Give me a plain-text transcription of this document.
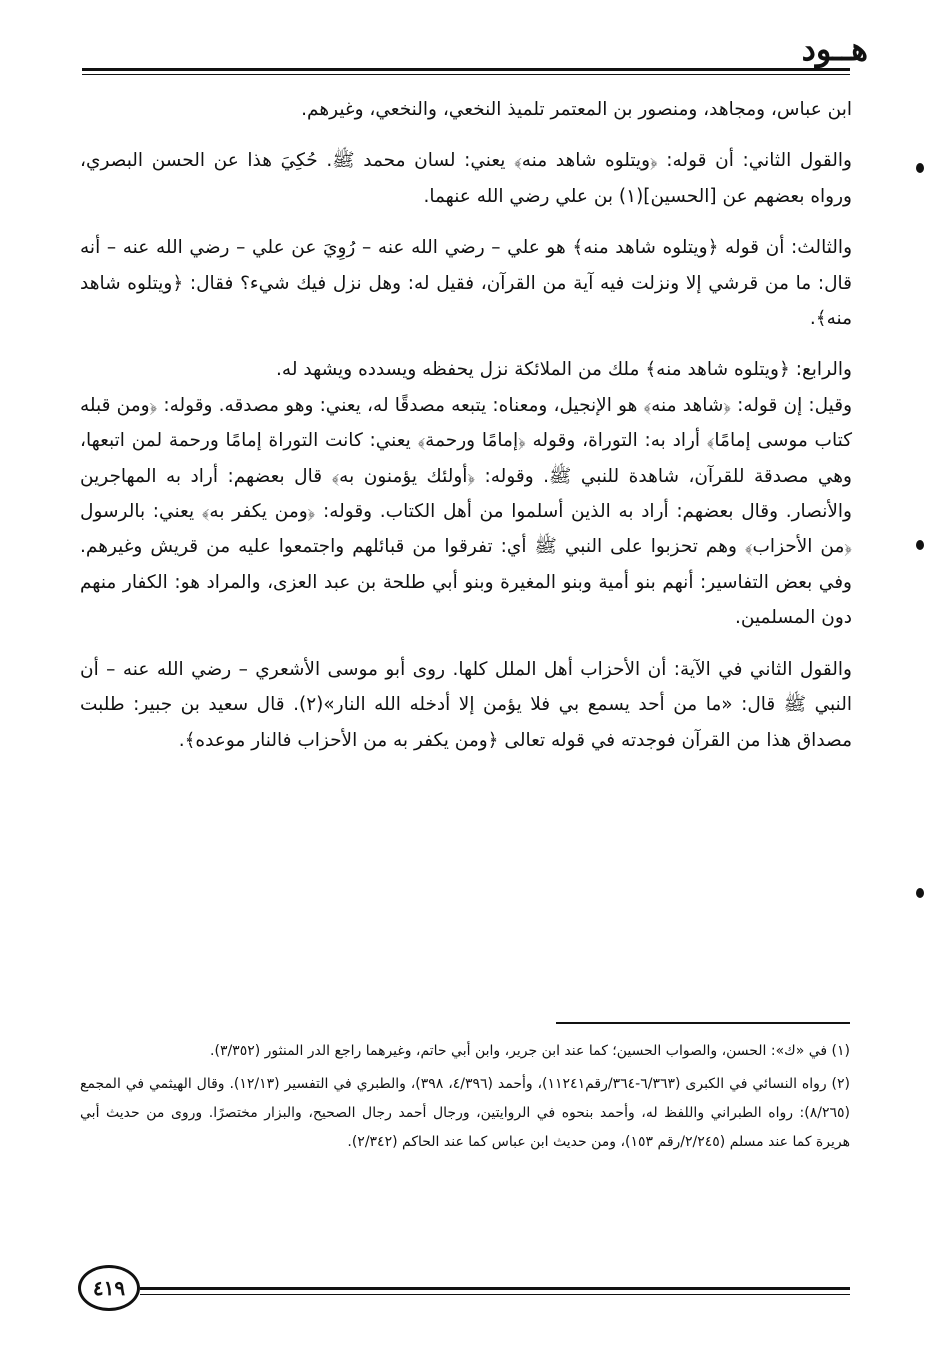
هــود

ابن عباس، ومجاهد، ومنصور بن المعتمر تلميذ النخعي، والنخعي، وغيرهم.

والقول الثاني: أن قوله: ﴿ويتلوه شاهد منه﴾ يعني: لسان محمد ﷺ. حُكِيَ هذا عن الحسن البصري، ورواه بعضهم عن [الحسين](١) بن علي رضي الله عنهما.

والثالث: أن قوله ﴿ويتلوه شاهد منه﴾ هو علي – رضي الله عنه – رُوِيَ عن علي – رضي الله عنه – أنه قال: ما من قرشي إلا ونزلت فيه آية من القرآن، فقيل له: وهل نزل فيك شيء؟ فقال: ﴿ويتلوه شاهد منه﴾.

والرابع: ﴿ويتلوه شاهد منه﴾ ملك من الملائكة نزل يحفظه ويسدده ويشهد له.

وقيل: إن قوله: ﴿شاهد منه﴾ هو الإنجيل، ومعناه: يتبعه مصدقًا له، يعني: وهو مصدقه. وقوله: ﴿ومن قبله كتاب موسى إمامًا﴾ أراد به: التوراة، وقوله ﴿إمامًا ورحمة﴾ يعني: كانت التوراة إمامًا ورحمة لمن اتبعها، وهي مصدقة للقرآن، شاهدة للنبي ﷺ. وقوله: ﴿أولئك يؤمنون به﴾ قال بعضهم: أراد به المهاجرين والأنصار. وقال بعضهم: أراد به الذين أسلموا من أهل الكتاب. وقوله: ﴿ومن يكفر به﴾ يعني: بالرسول ﴿من الأحزاب﴾ وهم تحزبوا على النبي ﷺ أي: تفرقوا من قبائلهم واجتمعوا عليه من قريش وغيرهم. وفي بعض التفاسير: أنهم بنو أمية وبنو المغيرة وبنو أبي طلحة بن عبد العزى، والمراد هو: الكفار منهم دون المسلمين.

والقول الثاني في الآية: أن الأحزاب أهل الملل كلها. روى أبو موسى الأشعري – رضي الله عنه – أن النبي ﷺ قال: «ما من أحد يسمع بي فلا يؤمن إلا أدخله الله النار»(٢). قال سعيد بن جبير: طلبت مصداق هذا من القرآن فوجدته في قوله تعالى ﴿ومن يكفر به من الأحزاب فالنار موعده﴾.

(١) في «ك»: الحسن، والصواب الحسين؛ كما عند ابن جرير، وابن أبي حاتم، وغيرهما راجع الدر المنثور (٣/٣٥٢).

(٢) رواه النسائي في الكبرى (٦/٣٦٣-٣٦٤/رقم١١٢٤١)، وأحمد (٤/٣٩٦، ٣٩٨)، والطبري في التفسير (١٢/١٣). وقال الهيثمي في المجمع (٨/٢٦٥): رواه الطبراني واللفظ له، وأحمد بنحوه في الروايتين، ورجال أحمد رجال الصحيح، والبزار مختصرًا. وروى من حديث أبي هريرة كما عند مسلم (٢/٢٤٥/رقم ١٥٣)، ومن حديث ابن عباس كما عند الحاكم (٢/٣٤٢).

٤١٩
